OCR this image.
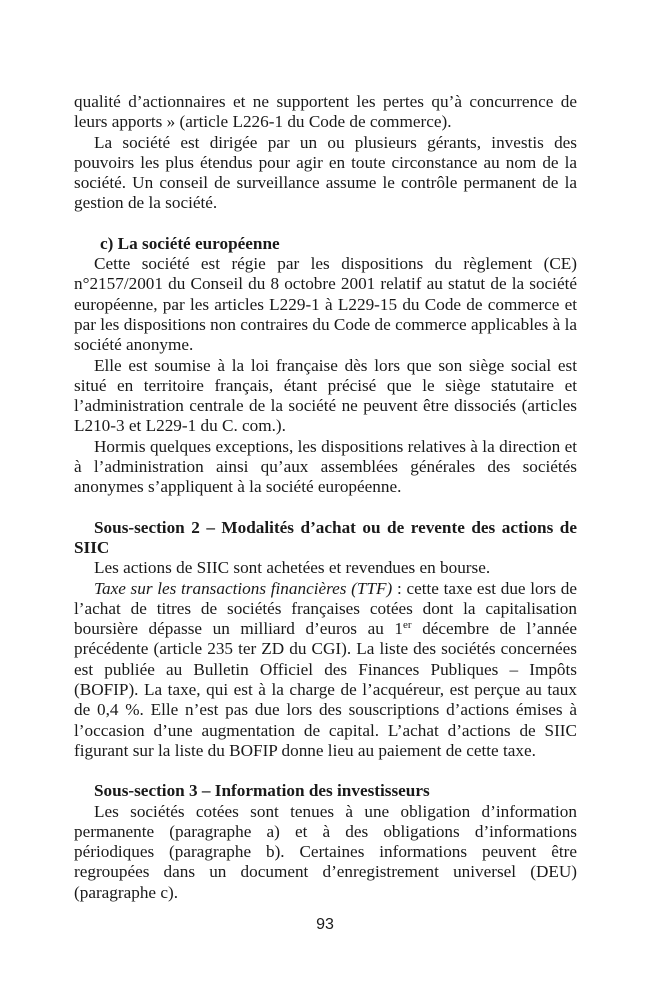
qualité d’actionnaires et ne supportent les pertes qu’à concurrence de leurs apports » (article L226-1 du Code de commerce).

La société est dirigée par un ou plusieurs gérants, investis des pouvoirs les plus étendus pour agir en toute circonstance au nom de la société. Un conseil de surveillance assume le contrôle permanent de la gestion de la société.

c) La société européenne

Cette société est régie par les dispositions du règlement (CE) n°2157/2001 du Conseil du 8 octobre 2001 relatif au statut de la société européenne, par les articles L229-1 à L229-15 du Code de commerce et par les dispositions non contraires du Code de commerce applicables à la société anonyme.

Elle est soumise à la loi française dès lors que son siège social est situé en territoire français, étant précisé que le siège statutaire et l’administration centrale de la société ne peuvent être dissociés (articles L210-3 et L229-1 du C. com.).

Hormis quelques exceptions, les dispositions relatives à la direction et à l’administration ainsi qu’aux assemblées générales des sociétés anonymes s’appliquent à la société européenne.

Sous-section 2 – Modalités d’achat ou de revente des actions de SIIC

Les actions de SIIC sont achetées et revendues en bourse.

Taxe sur les transactions financières (TTF) : cette taxe est due lors de l’achat de titres de sociétés françaises cotées dont la capitalisation boursière dépasse un milliard d’euros au 1er décembre de l’année précédente (article 235 ter ZD du CGI). La liste des sociétés concernées est publiée au Bulletin Officiel des Finances Publiques – Impôts (BOFIP). La taxe, qui est à la charge de l’acquéreur, est perçue au taux de 0,4 %. Elle n’est pas due lors des souscriptions d’actions émises à l’occasion d’une augmentation de capital. L’achat d’actions de SIIC figurant sur la liste du BOFIP donne lieu au paiement de cette taxe.

Sous-section 3 – Information des investisseurs

Les sociétés cotées sont tenues à une obligation d’information permanente (paragraphe a) et à des obligations d’informations périodiques (paragraphe b). Certaines informations peuvent être regroupées dans un document d’enregistrement universel (DEU) (paragraphe c).

93
